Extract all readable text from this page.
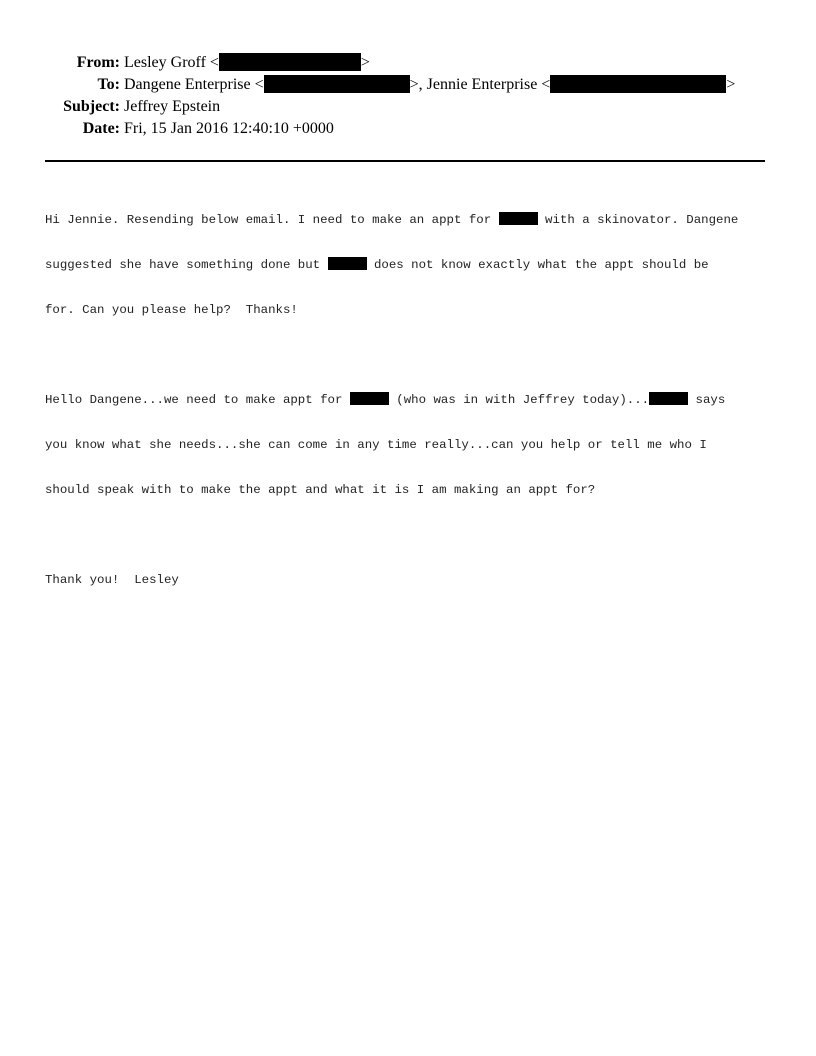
From: Lesley Groff <	>
To: Dangene Enterprise <	>, Jennie Enterprise <	>
Subject: Jeffrey Epstein
Date: Fri, 15 Jan 2016 12:40:10 +0000

Hi Jennie. Resending below email. I need to make an appt for	with a skinovator. Dangene

suggested she have something done but	does not know exactly what the appt should be

for. Can you please help?  Thanks!

Hello Dangene...we need to make appt for	(who was in with Jeffrey today)...	says

you know what she needs...she can come in any time really...can you help or tell me who I

should speak with to make the appt and what it is I am making an appt for?

Thank you!  Lesley
